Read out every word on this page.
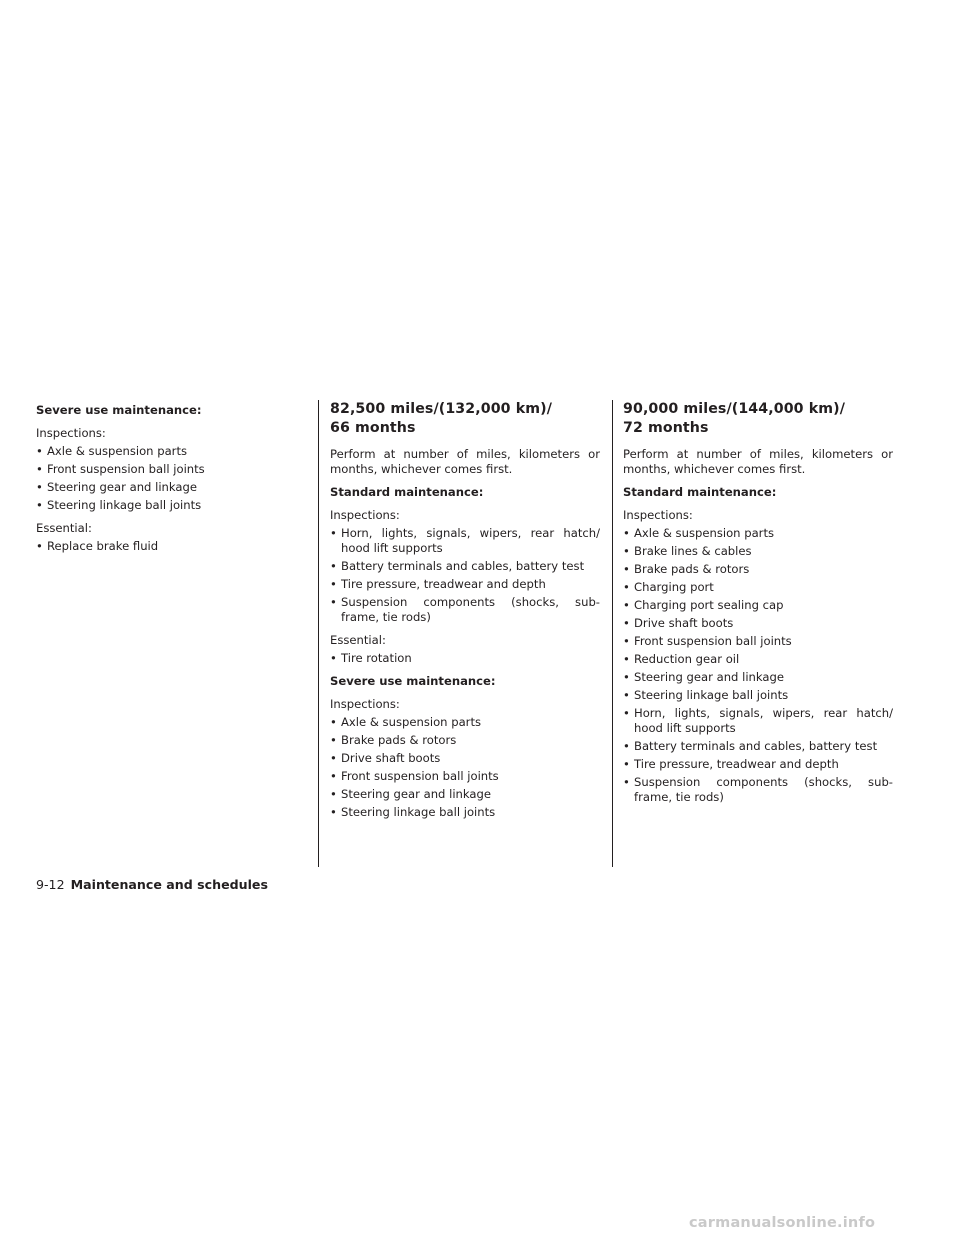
Severe use maintenance:
Inspections:
• Axle & suspension parts
• Front suspension ball joints
• Steering gear and linkage
• Steering linkage ball joints
Essential:
• Replace brake fluid
82,500 miles/(132,000 km)/
66 months

Perform at number of miles, kilometers or months, whichever comes first.

Standard maintenance:
Inspections:
• Horn, lights, signals, wipers, rear hatch/ hood lift supports
• Battery terminals and cables, battery test
• Tire pressure, treadwear and depth
• Suspension components (shocks, sub-frame, tie rods)
Essential:
• Tire rotation
Severe use maintenance:
Inspections:
• Axle & suspension parts
• Brake pads & rotors
• Drive shaft boots
• Front suspension ball joints
• Steering gear and linkage
• Steering linkage ball joints
90,000 miles/(144,000 km)/
72 months

Perform at number of miles, kilometers or months, whichever comes first.

Standard maintenance:
Inspections:
• Axle & suspension parts
• Brake lines & cables
• Brake pads & rotors
• Charging port
• Charging port sealing cap
• Drive shaft boots
• Front suspension ball joints
• Reduction gear oil
• Steering gear and linkage
• Steering linkage ball joints
• Horn, lights, signals, wipers, rear hatch/ hood lift supports
• Battery terminals and cables, battery test
• Tire pressure, treadwear and depth
• Suspension components (shocks, sub-frame, tie rods)
9-12 Maintenance and schedules
carmanualsonline.info
